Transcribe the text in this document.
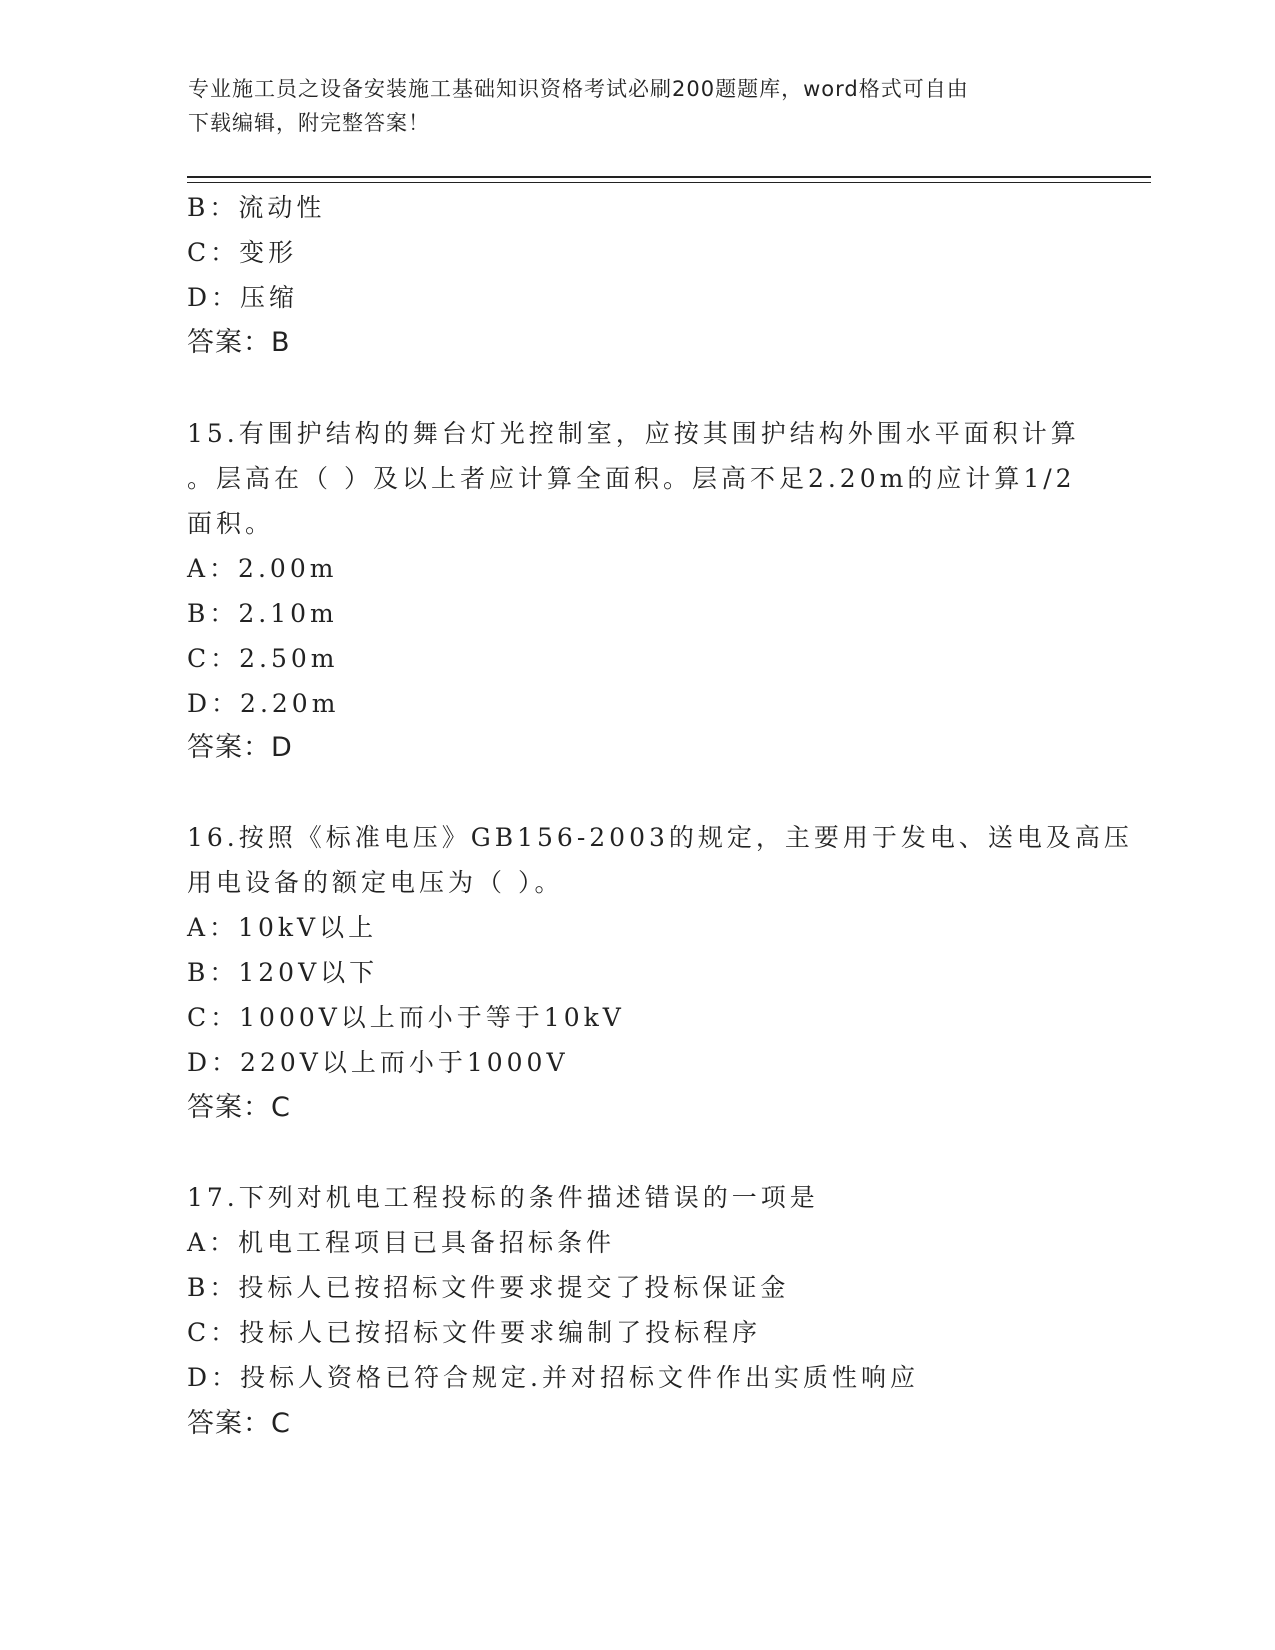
专业施工员之设备安装施工基础知识资格考试必刷200题题库，word格式可自由
下载编辑，附完整答案！
B：流动性
C：变形
D：压缩
答案：B
15.有围护结构的舞台灯光控制室，应按其围护结构外围水平面积计算
。层高在（ ）及以上者应计算全面积。层高不足2.20m的应计算1/2
面积。
A：2.00m
B：2.10m
C：2.50m
D：2.20m
答案：D
16.按照《标准电压》GB156-2003的规定，主要用于发电、送电及高压
用电设备的额定电压为（ ）。
A：10kV以上
B：120V以下
C：1000V以上而小于等于10kV
D：220V以上而小于1000V
答案：C
17.下列对机电工程投标的条件描述错误的一项是
A：机电工程项目已具备招标条件
B：投标人已按招标文件要求提交了投标保证金
C：投标人已按招标文件要求编制了投标程序
D：投标人资格已符合规定.并对招标文件作出实质性响应
答案：C
